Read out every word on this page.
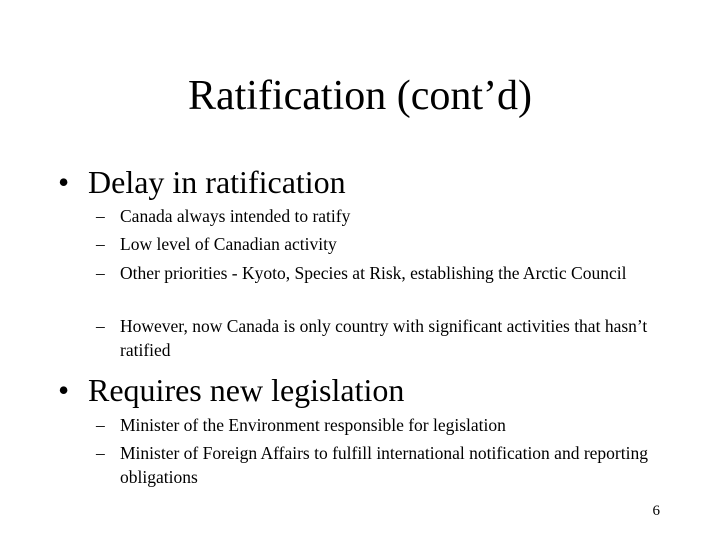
Ratification (cont’d)
• Delay in ratification
– Canada always intended to ratify
– Low level of Canadian activity
– Other priorities - Kyoto, Species at Risk, establishing the Arctic Council
– However, now Canada is only country with significant activities that hasn’t ratified
• Requires new legislation
– Minister of the Environment responsible for legislation
– Minister of Foreign Affairs to fulfill international notification and reporting obligations
6
